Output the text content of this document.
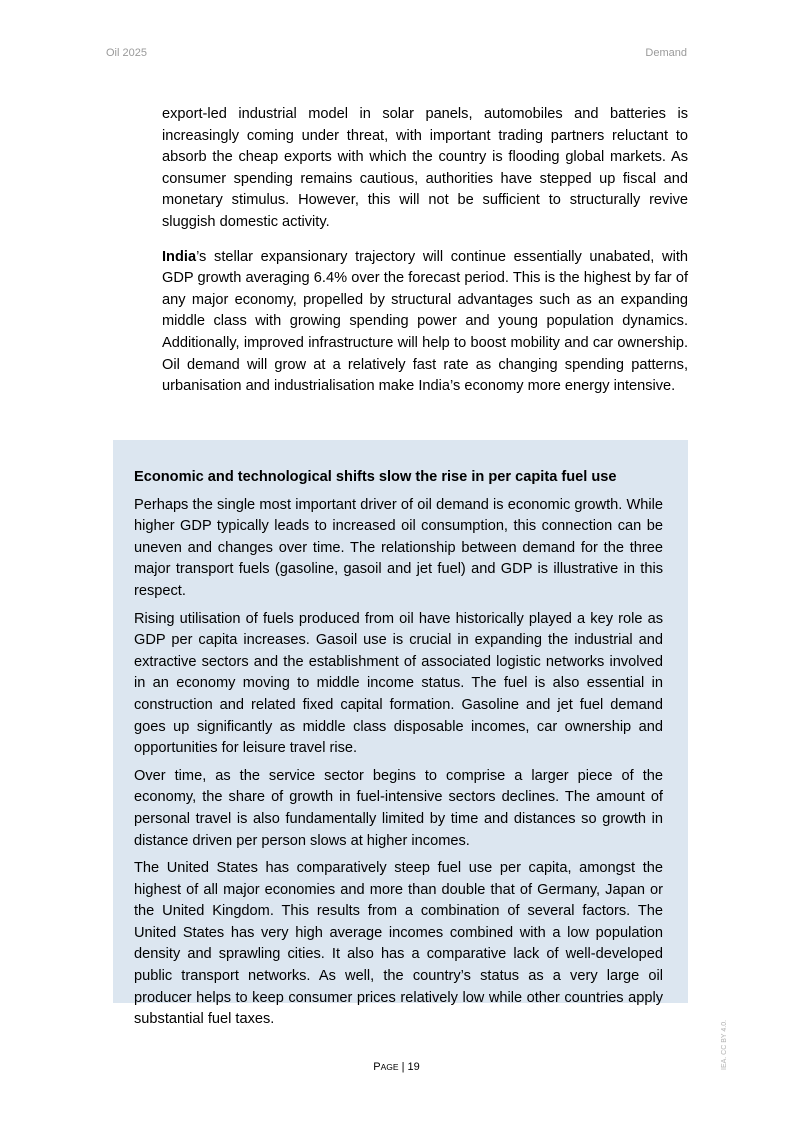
Oil 2025	Demand

export-led industrial model in solar panels, automobiles and batteries is increasingly coming under threat, with important trading partners reluctant to absorb the cheap exports with which the country is flooding global markets. As consumer spending remains cautious, authorities have stepped up fiscal and monetary stimulus. However, this will not be sufficient to structurally revive sluggish domestic activity.

India’s stellar expansionary trajectory will continue essentially unabated, with GDP growth averaging 6.4% over the forecast period. This is the highest by far of any major economy, propelled by structural advantages such as an expanding middle class with growing spending power and young population dynamics. Additionally, improved infrastructure will help to boost mobility and car ownership. Oil demand will grow at a relatively fast rate as changing spending patterns, urbanisation and industrialisation make India’s economy more energy intensive.

Economic and technological shifts slow the rise in per capita fuel use

Perhaps the single most important driver of oil demand is economic growth. While higher GDP typically leads to increased oil consumption, this connection can be uneven and changes over time. The relationship between demand for the three major transport fuels (gasoline, gasoil and jet fuel) and GDP is illustrative in this respect.

Rising utilisation of fuels produced from oil have historically played a key role as GDP per capita increases. Gasoil use is crucial in expanding the industrial and extractive sectors and the establishment of associated logistic networks involved in an economy moving to middle income status. The fuel is also essential in construction and related fixed capital formation. Gasoline and jet fuel demand goes up significantly as middle class disposable incomes, car ownership and opportunities for leisure travel rise.

Over time, as the service sector begins to comprise a larger piece of the economy, the share of growth in fuel-intensive sectors declines. The amount of personal travel is also fundamentally limited by time and distances so growth in distance driven per person slows at higher incomes.

The United States has comparatively steep fuel use per capita, amongst the highest of all major economies and more than double that of Germany, Japan or the United Kingdom. This results from a combination of several factors. The United States has very high average incomes combined with a low population density and sprawling cities. It also has a comparative lack of well-developed public transport networks. As well, the country’s status as a very large oil producer helps to keep consumer prices relatively low while other countries apply substantial fuel taxes.

PAGE | 19	IEA. CC BY 4.0.
